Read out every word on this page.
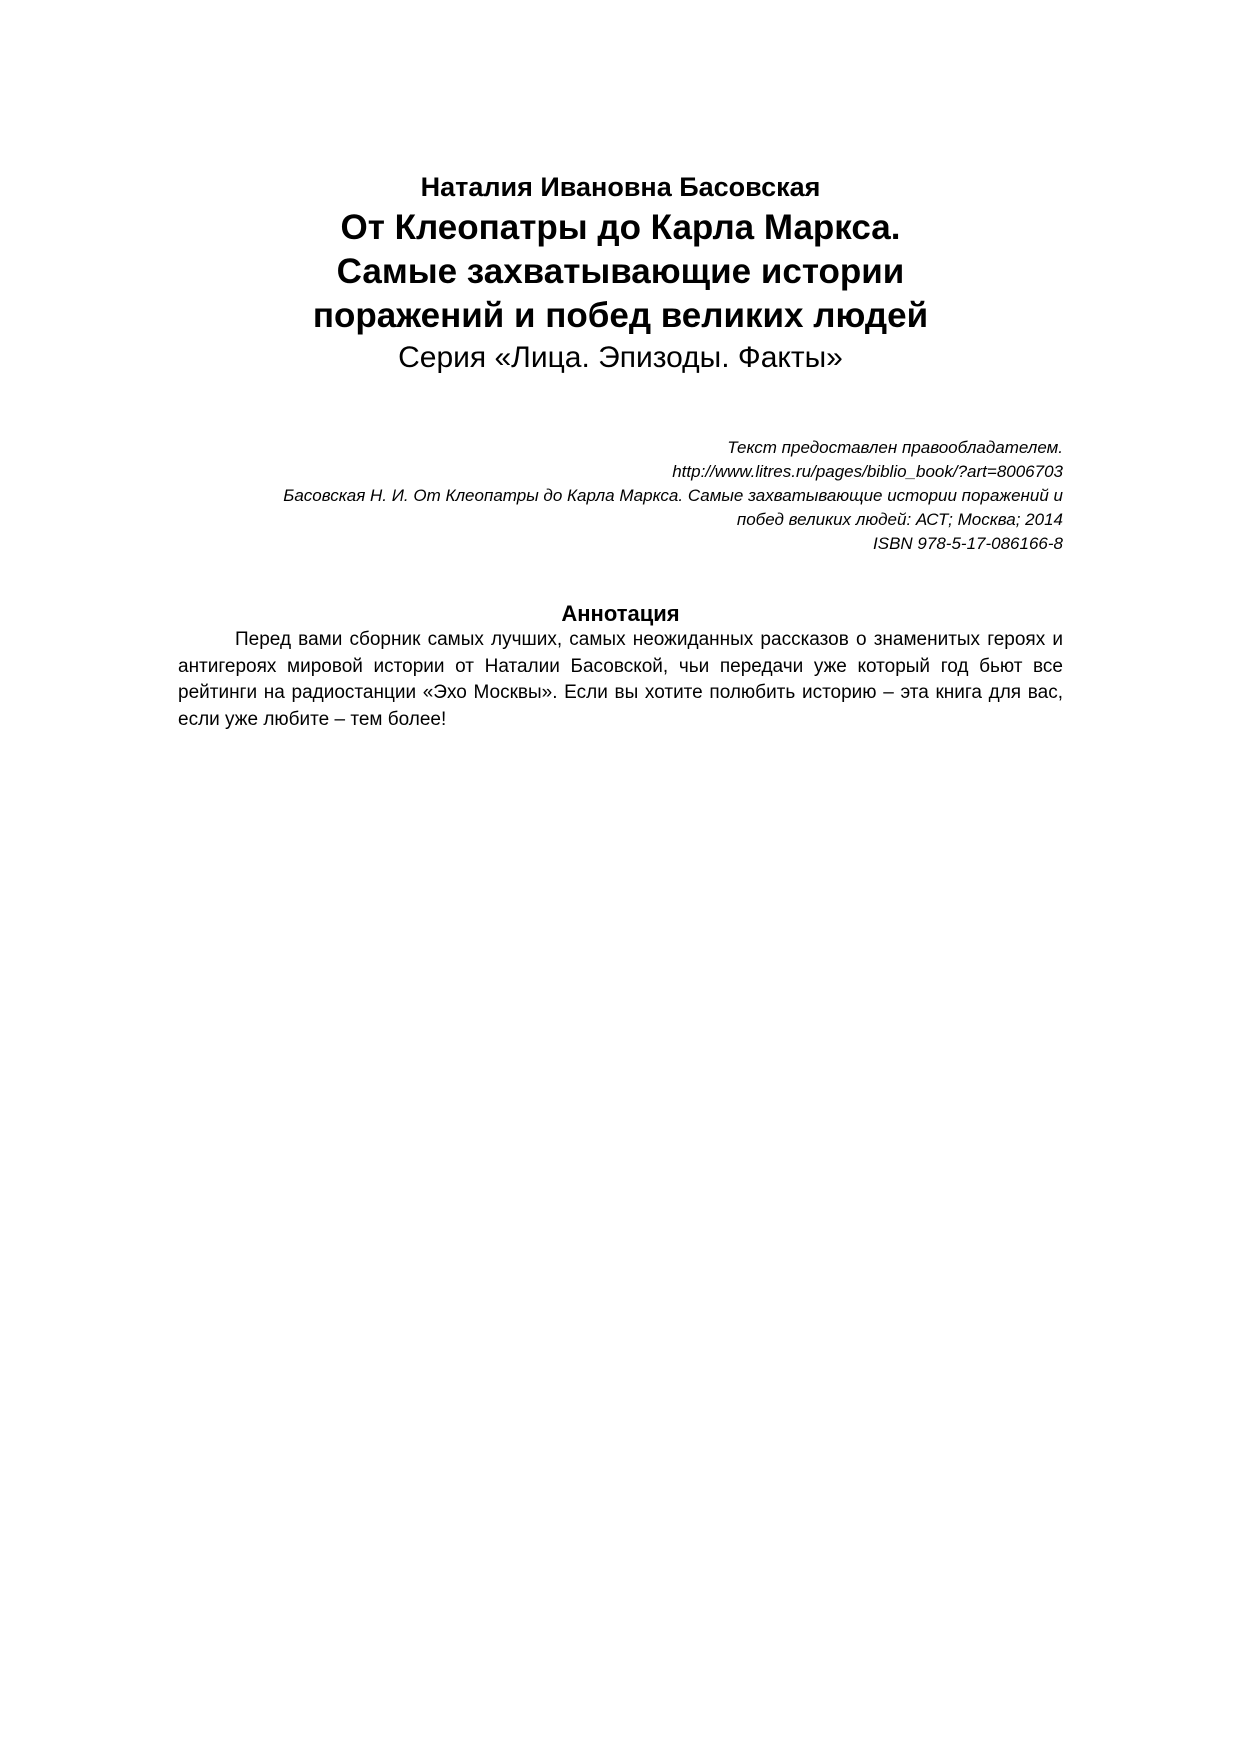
Наталия Ивановна Басовская
От Клеопатры до Карла Маркса.
Самые захватывающие истории
поражений и побед великих людей
Серия «Лица. Эпизоды. Факты»
Текст предоставлен правообладателем.
http://www.litres.ru/pages/biblio_book/?art=8006703
Басовская Н. И. От Клеопатры до Карла Маркса. Самые захватывающие истории поражений и
побед великих людей: АСТ; Москва; 2014
ISBN 978-5-17-086166-8
Аннотация
Перед вами сборник самых лучших, самых неожиданных рассказов о знаменитых героях и антигероях мировой истории от Наталии Басовской, чьи передачи уже который год бьют все рейтинги на радиостанции «Эхо Москвы». Если вы хотите полюбить историю – эта книга для вас, если уже любите – тем более!
